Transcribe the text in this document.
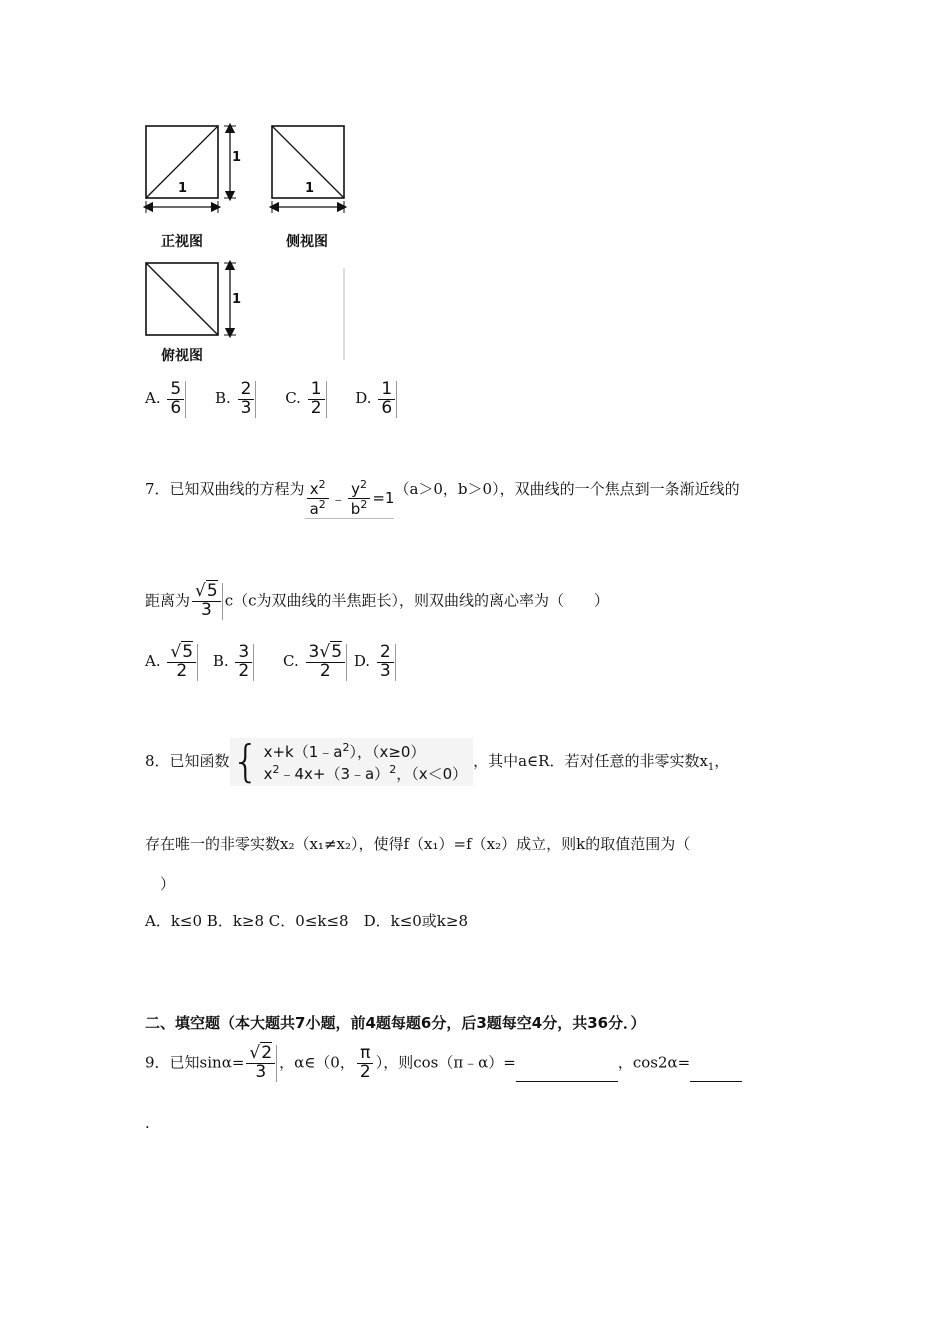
1
1	1
1
正视图	侧视图
俯视图
A. $\frac{5}{6} B$. $\frac{2}{3} C$. $\frac{1}{2} D$. $\frac{1}{6}$
7．已知双曲线的方程为 $\frac{x^2}{a^2}$ ﹣ $\frac{y^2}{b^2} =1$
（a＞0，b＞0），双曲线的一个焦点到一条渐近线的
距离为 $\frac{√5}{3} c(c$为双曲线的半焦距长），则双曲线的离心率为（　　）
A. $\frac{√5}{2} B$. $\frac{3}{2} C$. $\frac{3√5}{2} D$. $\frac{2}{3}$
8．已知函数 { $x+k(1﹣a^2)$，（x≥0）
$x^2﹣4x+(3﹣a)^2$，（x＜0）
，其中a∈R．若对任意的非零实数$x_1$，
存在唯一的非零实数x₂（x₁≠x₂），使得f（x₁）=f（x₂）成立，则k的取值范围为（
）
A．k≤0 B．k≥8 C．0≤k≤8　D．k≤0或k≥8
二、填空题（本大题共7小题，前4题每题6分，后3题每空4分，共36分．）
9．已知$\sin\alpha= \frac{√2}{3}$ ，α∈（0， $\frac{\pi}{2}$ ），则cos（π﹣α）=	，cos2α=
.
